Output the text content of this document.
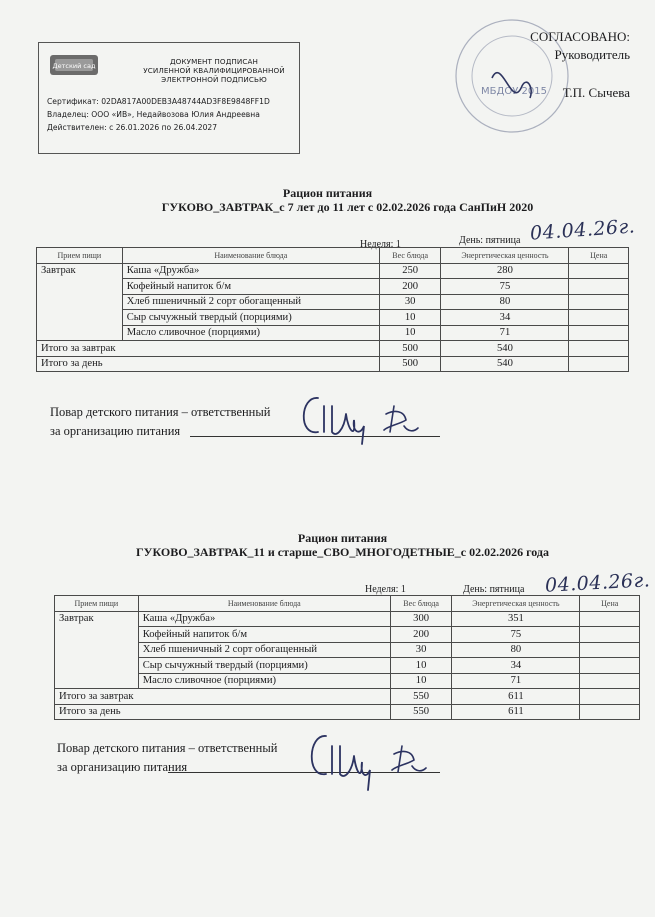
Детский сад	ДОКУМЕНТ ПОДПИСАН
УСИЛЕННОЙ КВАЛИФИЦИРОВАННОЙ
ЭЛЕКТРОННОЙ ПОДПИСЬЮ
Сертификат: 02DA817A00DEB3A48744AD3F8E9848FF1D
Владелец: ООО «ИВ», Недайвозова Юлия Андреевна
Действителен: с 26.01.2026 по 26.04.2027
МБДОУ 2015
СОГЛАСОВАНО:
Руководитель
Т.П. Сычева
Рацион питания
ГУКОВО_ЗАВТРАК_с 7 лет до 11 лет с 02.02.2026 года СанПиН 2020
Неделя: 1	День: пятница 04.04.26г.
Прием пищи	Наименование блюда	Вес блюда	Энергетическая ценность	Цена
Завтрак	Каша «Дружба»	250	280	
	Кофейный напиток б/м	200	75	
	Хлеб пшеничный 2 сорт обогащенный	30	80	
	Сыр сычужный твердый (порциями)	10	34	
	Масло сливочное (порциями)	10	71	
Итого за завтрак		500	540	
Итого за день		500	540	
Повар детского питания – ответственный
за организацию питания
Рацион питания
ГУКОВО_ЗАВТРАК_11 и старше_СВО_МНОГОДЕТНЫЕ_с 02.02.2026 года
Неделя: 1	День: пятница 04.04.26г.
Прием пищи	Наименование блюда	Вес блюда	Энергетическая ценность	Цена
Завтрак	Каша «Дружба»	300	351	
	Кофейный напиток б/м	200	75	
	Хлеб пшеничный 2 сорт обогащенный	30	80	
	Сыр сычужный твердый (порциями)	10	34	
	Масло сливочное (порциями)	10	71	
Итого за завтрак		550	611	
Итого за день		550	611	
Повар детского питания – ответственный
за организацию питания
